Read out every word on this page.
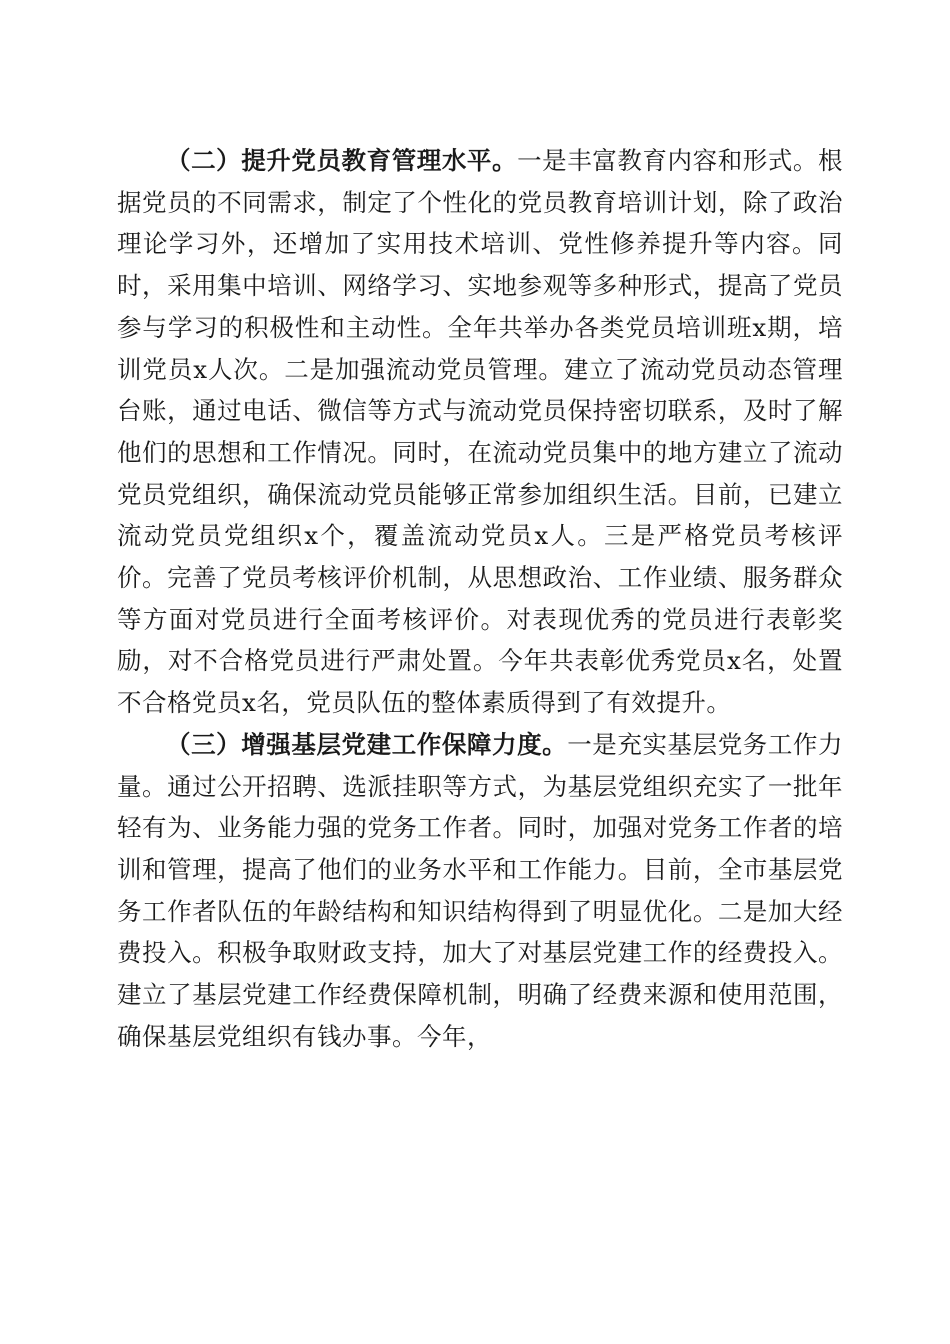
（二）提升党员教育管理水平。一是丰富教育内容和形式。根据党员的不同需求，制定了个性化的党员教育培训计划，除了政治理论学习外，还增加了实用技术培训、党性修养提升等内容。同时，采用集中培训、网络学习、实地参观等多种形式，提高了党员参与学习的积极性和主动性。全年共举办各类党员培训班x期，培训党员x人次。二是加强流动党员管理。建立了流动党员动态管理台账，通过电话、微信等方式与流动党员保持密切联系，及时了解他们的思想和工作情况。同时，在流动党员集中的地方建立了流动党员党组织，确保流动党员能够正常参加组织生活。目前，已建立流动党员党组织x个，覆盖流动党员x人。三是严格党员考核评价。完善了党员考核评价机制，从思想政治、工作业绩、服务群众等方面对党员进行全面考核评价。对表现优秀的党员进行表彰奖励，对不合格党员进行严肃处置。今年共表彰优秀党员x名，处置不合格党员x名，党员队伍的整体素质得到了有效提升。

（三）增强基层党建工作保障力度。一是充实基层党务工作力量。通过公开招聘、选派挂职等方式，为基层党组织充实了一批年轻有为、业务能力强的党务工作者。同时，加强对党务工作者的培训和管理，提高了他们的业务水平和工作能力。目前，全市基层党务工作者队伍的年龄结构和知识结构得到了明显优化。二是加大经费投入。积极争取财政支持，加大了对基层党建工作的经费投入。建立了基层党建工作经费保障机制，明确了经费来源和使用范围，确保基层党组织有钱办事。今年，
